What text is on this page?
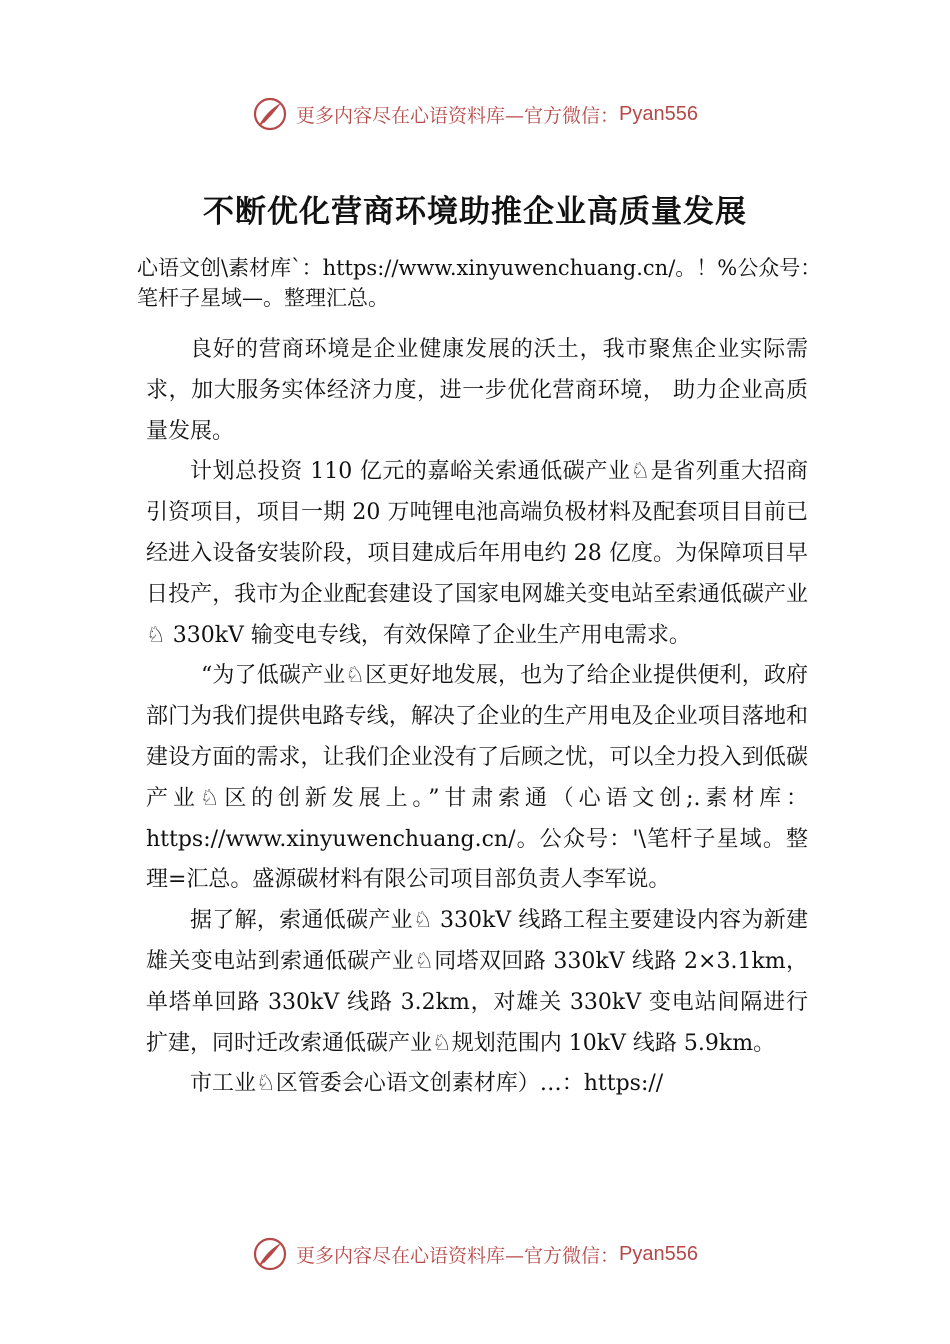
更多内容尽在心语资料库—官方微信： Pyan556
不断优化营商环境助推企业高质量发展
心语文创\素材库`：https://www.xinyuwenchuang.cn/。！%公众号：笔杆子星域—。整理汇总。

良好的营商环境是企业健康发展的沃土，我市聚焦企业实际需求，加大服务实体经济力度，进一步优化营商环境， 助力企业高质量发展。

计划总投资 110 亿元的嘉峪关索通低碳产业♘是省列重大招商引资项目，项目一期 20 万吨锂电池高端负极材料及配套项目目前已经进入设备安装阶段，项目建成后年用电约 28 亿度。为保障项目早日投产，我市为企业配套建设了国家电网雄关变电站至索通低碳产业♘ 330kV 输变电专线，有效保障了企业生产用电需求。

“为了低碳产业♘区更好地发展，也为了给企业提供便利，政府部门为我们提供电路专线，解决了企业的生产用电及企业项目落地和建设方面的需求，让我们企业没有了后顾之忧，可以全力投入到低碳产业♘区的创新发展上。”甘肃索通（心语文创;.素材库：https://www.xinyuwenchuang.cn/。公众号：'\笔杆子星域。整理=汇总。盛源碳材料有限公司项目部负责人李军说。

据了解，索通低碳产业♘ 330kV 线路工程主要建设内容为新建雄关变电站到索通低碳产业♘同塔双回路 330kV 线路 2×3.1km，单塔单回路 330kV 线路 3.2km，对雄关 330kV 变电站间隔进行扩建，同时迁改索通低碳产业♘规划范围内 10kV 线路 5.9km。

市工业♘区管委会心语文创素材库）…：https://

更多内容尽在心语资料库—官方微信： Pyan556
